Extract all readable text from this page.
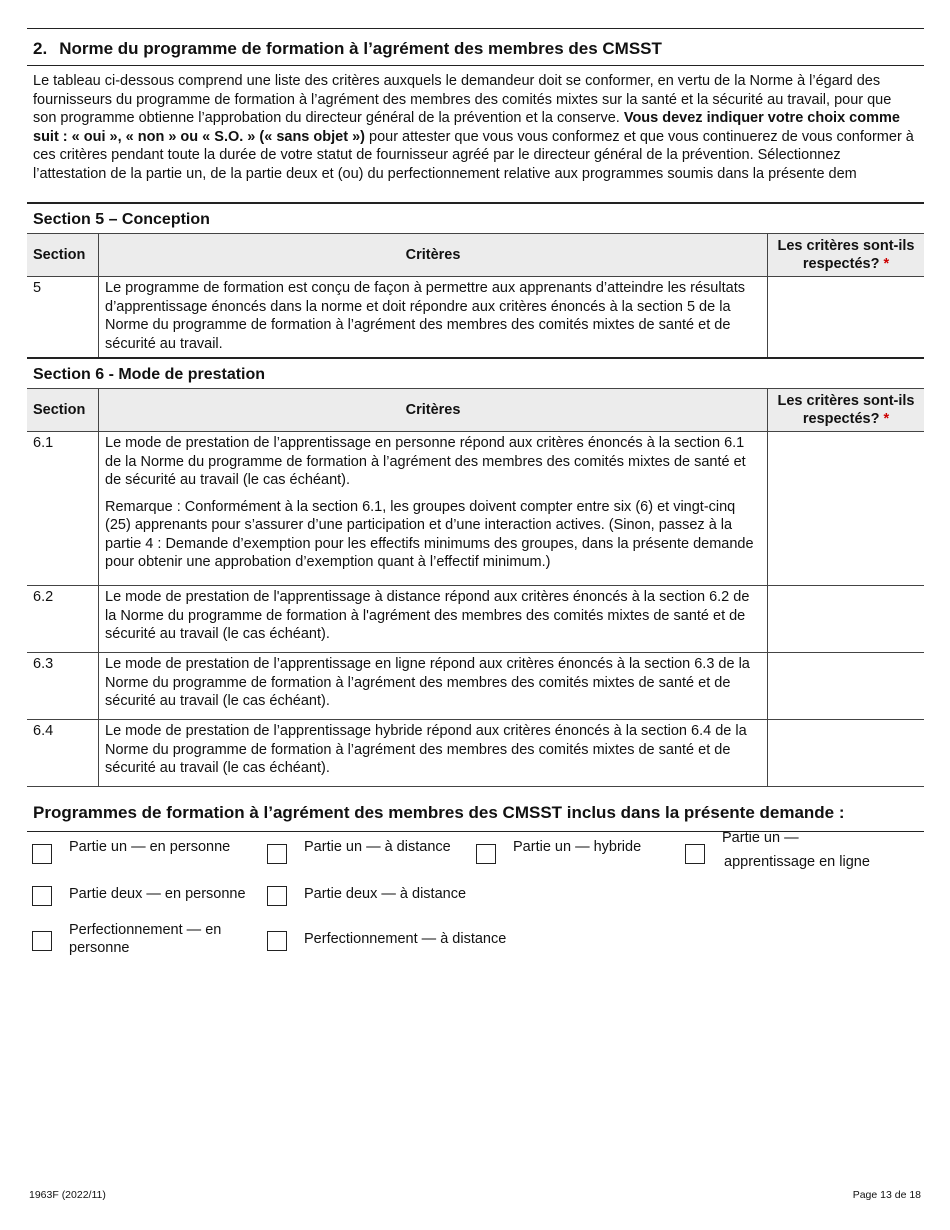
2. Norme du programme de formation à l’agrément des membres des CMSST
Le tableau ci-dessous comprend une liste des critères auxquels le demandeur doit se conformer, en vertu de la Norme à l’égard des fournisseurs du programme de formation à l’agrément des membres des comités mixtes sur la santé et la sécurité au travail, pour que son programme obtienne l’approbation du directeur général de la prévention et la conserve. Vous devez indiquer votre choix comme suit : « oui », « non » ou « S.O. » (« sans objet ») pour attester que vous vous conformez et que vous continuerez de vous conformer à ces critères pendant toute la durée de votre statut de fournisseur agréé par le directeur général de la prévention. Sélectionnez l’attestation de la partie un, de la partie deux et (ou) du perfectionnement relative aux programmes soumis dans la présente dem
Section 5 – Conception
Section	Critères	Les critères sont-ils respectés? *
5	Le programme de formation est conçu de façon à permettre aux apprenants d’atteindre les résultats d’apprentissage énoncés dans la norme et doit répondre aux critères énoncés à la section 5 de la Norme du programme de formation à l’agrément des membres des comités mixtes de santé et de sécurité au travail.	
Section 6 - Mode de prestation
Section	Critères	Les critères sont-ils respectés? *
6.1	Le mode de prestation de l’apprentissage en personne répond aux critères énoncés à la section 6.1 de la Norme du programme de formation à l’agrément des membres des comités mixtes de santé et de sécurité au travail (le cas échéant).
Remarque : Conformément à la section 6.1, les groupes doivent compter entre six (6) et vingt-cinq (25) apprenants pour s’assurer d’une participation et d’une interaction actives. (Sinon, passez à la partie 4 : Demande d’exemption pour les effectifs minimums des groupes, dans la présente demande pour obtenir une approbation d’exemption quant à l’effectif minimum.)	

6.2	Le mode de prestation de l'apprentissage à distance répond aux critères énoncés à la section 6.2 de la Norme du programme de formation à l'agrément des membres des comités mixtes de santé et de sécurité au travail (le cas échéant).	
6.3	Le mode de prestation de l’apprentissage en ligne répond aux critères énoncés à la section 6.3 de la Norme du programme de formation à l’agrément des membres des comités mixtes de santé et de sécurité au travail (le cas échéant).	
6.4	Le mode de prestation de l’apprentissage hybride répond aux critères énoncés à la section 6.4 de la Norme du programme de formation à l’agrément des membres des comités mixtes de santé et de sécurité au travail (le cas échéant).	
Programmes de formation à l’agrément des membres des CMSST inclus dans la présente demande :
Partie un — en personne	Partie un — à distance	Partie un — hybride
Partie un —
apprentissage en ligne
Partie deux — en personne	Partie deux — à distance
Perfectionnement — en
personne
Perfectionnement — à distance
1963F (2022/11)	Page 13 de 18
